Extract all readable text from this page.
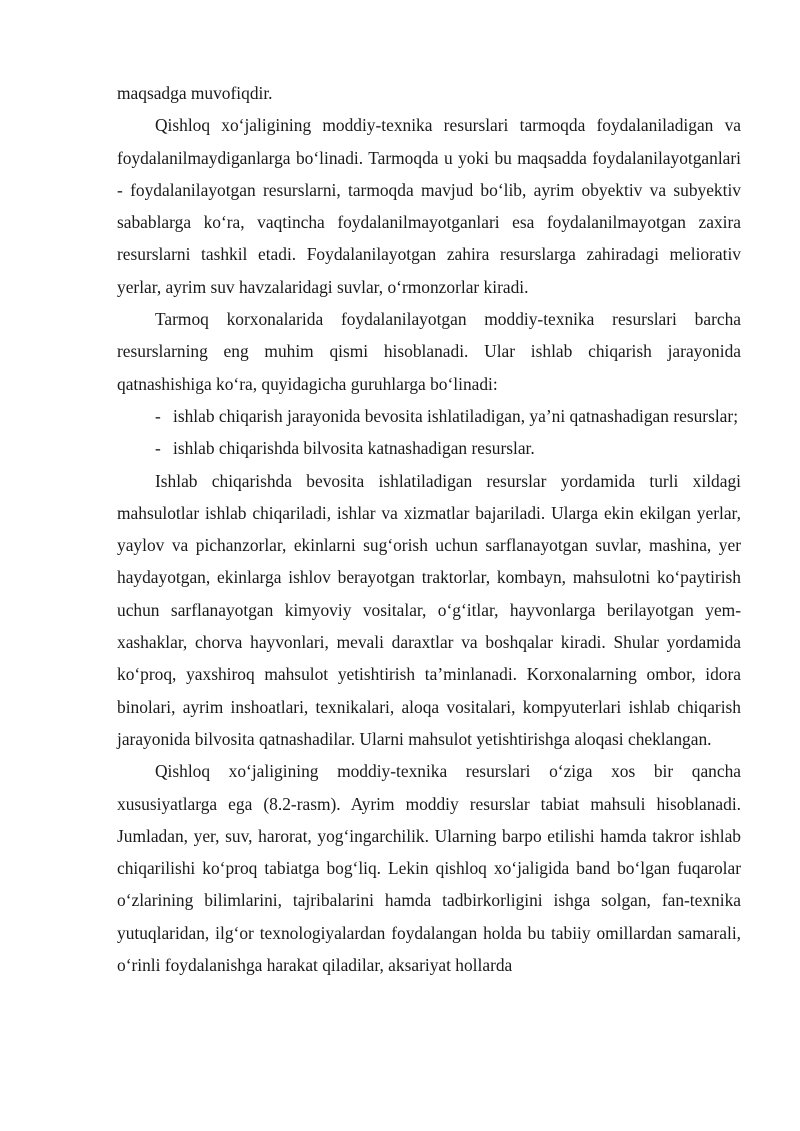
maqsadga muvofiqdir.

Qishloq xo‘jaligining moddiy-texnika resurslari tarmoqda foydalaniladigan va foydalanilmaydiganlarga bo‘linadi. Tarmoqda u yoki bu maqsadda foydalanilayotganlari - foydalanilayotgan resurslarni, tarmoqda mavjud bo‘lib, ayrim obyektiv va subyektiv sabablarga ko‘ra, vaqtincha foydalanilmayotganlari esa foydalanilmayotgan zaxira resurslarni tashkil etadi. Foydalanilayotgan zahira resurslarga zahiradagi meliorativ yerlar, ayrim suv havzalaridagi suvlar, o‘rmonzorlar kiradi.

Tarmoq korxonalarida foydalanilayotgan moddiy-texnika resurslari barcha resurslarning eng muhim qismi hisoblanadi. Ular ishlab chiqarish jarayonida qatnashishiga ko‘ra, quyidagicha guruhlarga bo‘linadi:

- ishlab chiqarish jarayonida bevosita ishlatiladigan, ya’ni qatnashadigan resurslar;

- ishlab chiqarishda bilvosita katnashadigan resurslar.

Ishlab chiqarishda bevosita ishlatiladigan resurslar yordamida turli xildagi mahsulotlar ishlab chiqariladi, ishlar va xizmatlar bajariladi. Ularga ekin ekilgan yerlar, yaylov va pichanzorlar, ekinlarni sug‘orish uchun sarflanayotgan suvlar, mashina, yer haydayotgan, ekinlarga ishlov berayotgan traktorlar, kombayn, mahsulotni ko‘paytirish uchun sarflanayotgan kimyoviy vositalar, o‘g‘itlar, hayvonlarga berilayotgan yem-xashaklar, chorva hayvonlari, mevali daraxtlar va boshqalar kiradi. Shular yordamida ko‘proq, yaxshiroq mahsulot yetishtirish ta’minlanadi. Korxonalarning ombor, idora binolari, ayrim inshoatlari, texnikalari, aloqa vositalari, kompyuterlari ishlab chiqarish jarayonida bilvosita qatnashadilar. Ularni mahsulot yetishtirishga aloqasi cheklangan.

Qishloq xo‘jaligining moddiy-texnika resurslari o‘ziga xos bir qancha xususiyatlarga ega (8.2-rasm). Ayrim moddiy resurslar tabiat mahsuli hisoblanadi. Jumladan, yer, suv, harorat, yog‘ingarchilik. Ularning barpo etilishi hamda takror ishlab chiqarilishi ko‘proq tabiatga bog‘liq. Lekin qishloq xo‘jaligida band bo‘lgan fuqarolar o‘zlarining bilimlarini, tajribalarini hamda tadbirkorligini ishga solgan, fan-texnika yutuqlaridan, ilg‘or texnologiyalardan foydalangan holda bu tabiiy omillardan samarali, o‘rinli foydalanishga harakat qiladilar, aksariyat hollarda
